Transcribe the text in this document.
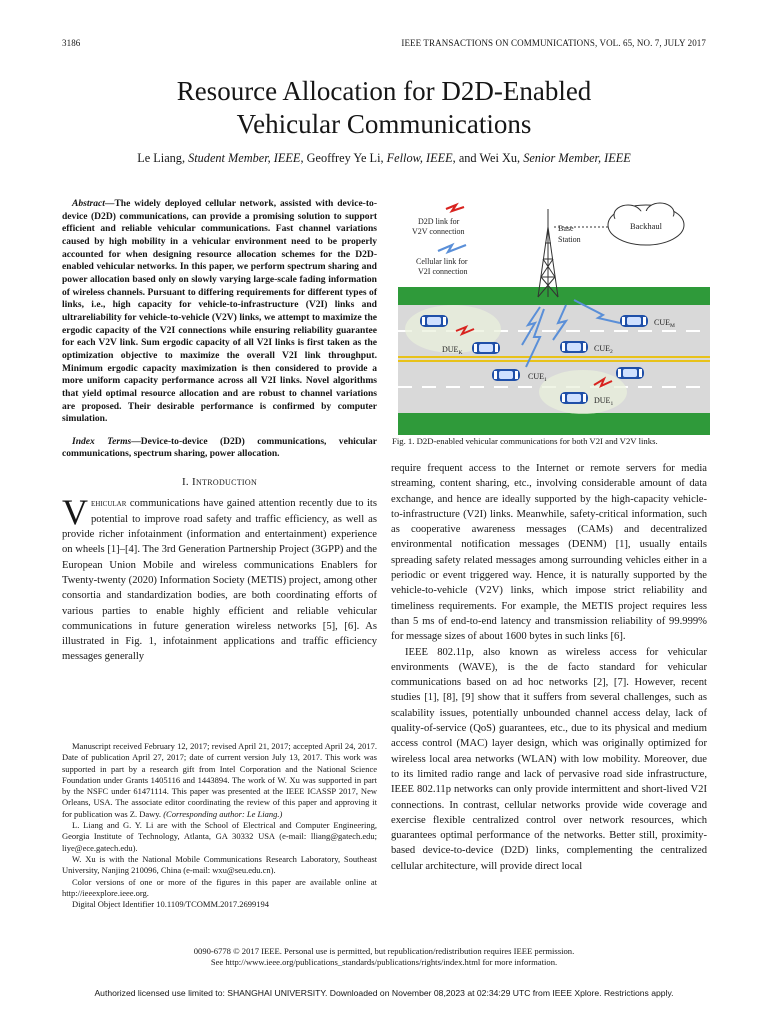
3186	IEEE TRANSACTIONS ON COMMUNICATIONS, VOL. 65, NO. 7, JULY 2017
Resource Allocation for D2D-Enabled
Vehicular Communications
Le Liang, Student Member, IEEE, Geoffrey Ye Li, Fellow, IEEE, and Wei Xu, Senior Member, IEEE
Abstract—The widely deployed cellular network, assisted with device-to-device (D2D) communications, can provide a promising solution to support efficient and reliable vehicular communications. Fast channel variations caused by high mobility in a vehicular environment need to be properly accounted for when designing resource allocation schemes for the D2D-enabled vehicular networks. In this paper, we perform spectrum sharing and power allocation based only on slowly varying large-scale fading information of wireless channels. Pursuant to differing requirements for different types of links, i.e., high capacity for vehicle-to-infrastructure (V2I) links and ultrareliability for vehicle-to-vehicle (V2V) links, we attempt to maximize the ergodic capacity of the V2I connections while ensuring reliability guarantee for each V2V link. Sum ergodic capacity of all V2I links is first taken as the optimization objective to maximize the overall V2I link throughput. Minimum ergodic capacity maximization is then considered to provide a more uniform capacity performance across all V2I links. Novel algorithms that yield optimal resource allocation and are robust to channel variations are proposed. Their desirable performance is confirmed by computer simulation.
Index Terms—Device-to-device (D2D) communications, vehicular communications, spectrum sharing, power allocation.
I. Introduction

Vehicular communications have gained attention recently due to its potential to improve road safety and traffic efficiency, as well as provide richer infotainment (information and entertainment) experience on wheels [1]–[4]. The 3rd Generation Partnership Project (3GPP) and the European Union Mobile and wireless communications Enablers for Twenty-twenty (2020) Information Society (METIS) project, among other consortia and standardization bodies, are both coordinating efforts of various parties to enable highly efficient and reliable vehicular communications in future generation wireless networks [5], [6]. As illustrated in Fig. 1, infotainment applications and traffic efficiency messages generally

Manuscript received February 12, 2017; revised April 21, 2017; accepted April 24, 2017. Date of publication April 27, 2017; date of current version July 13, 2017. This work was supported in part by a research gift from Intel Corporation and the National Science Foundation under Grants 1405116 and 1443894. The work of W. Xu was supported in part by the NSFC under 61471114. This paper was presented at the IEEE ICASSP 2017, New Orleans, USA. The associate editor coordinating the review of this paper and approving it for publication was Z. Dawy. (Corresponding author: Le Liang.)

L. Liang and G. Y. Li are with the School of Electrical and Computer Engineering, Georgia Institute of Technology, Atlanta, GA 30332 USA (e-mail: lliang@gatech.edu; liye@ece.gatech.edu).

W. Xu is with the National Mobile Communications Research Laboratory, Southeast University, Nanjing 210096, China (e-mail: wxu@seu.edu.cn).

Color versions of one or more of the figures in this paper are available online at http://ieeexplore.ieee.org.

Digital Object Identifier 10.1109/TCOMM.2017.2699194

Base
Station
Backhaul
D2D link for
V2V connection
Cellular link for
V2I connection
$CUE_M$
$DUE_K$	$CUE_2$
$CUE_1$
$DUE_1$
Fig. 1. D2D-enabled vehicular communications for both V2I and V2V links.

require frequent access to the Internet or remote servers for media streaming, content sharing, etc., involving considerable amount of data exchange, and hence are ideally supported by the high-capacity vehicle-to-infrastructure (V2I) links. Meanwhile, safety-critical information, such as cooperative awareness messages (CAMs) and decentralized environmental notification messages (DENM) [1], usually entails spreading safety related messages among surrounding vehicles either in a periodic or event triggered way. Hence, it is naturally supported by the vehicle-to-vehicle (V2V) links, which impose strict reliability and timeliness requirements. For example, the METIS project requires less than 5 ms of end-to-end latency and transmission reliability of 99.999% for message sizes of about 1600 bytes in such links [6].

IEEE 802.11p, also known as wireless access for vehicular environments (WAVE), is the de facto standard for vehicular communications based on ad hoc networks [2], [7]. However, recent studies [1], [8], [9] show that it suffers from several challenges, such as scalability issues, potentially unbounded channel access delay, lack of quality-of-service (QoS) guarantees, etc., due to its physical and medium access control (MAC) layer design, which was originally optimized for wireless local area networks (WLAN) with low mobility. Moreover, due to its limited radio range and lack of pervasive road side infrastructure, IEEE 802.11p networks can only provide intermittent and short-lived V2I connections. In contrast, cellular networks provide wide coverage and exercise flexible centralized control over network resources, which guarantees optimal performance of the networks. Better still, proximity-based device-to-device (D2D) links, complementing the centralized cellular architecture, will provide direct local

0090-6778 © 2017 IEEE. Personal use is permitted, but republication/redistribution requires IEEE permission.
See http://www.ieee.org/publications_standards/publications/rights/index.html for more information.
Authorized licensed use limited to: SHANGHAI UNIVERSITY. Downloaded on November 08,2023 at 02:34:29 UTC from IEEE Xplore. Restrictions apply.
